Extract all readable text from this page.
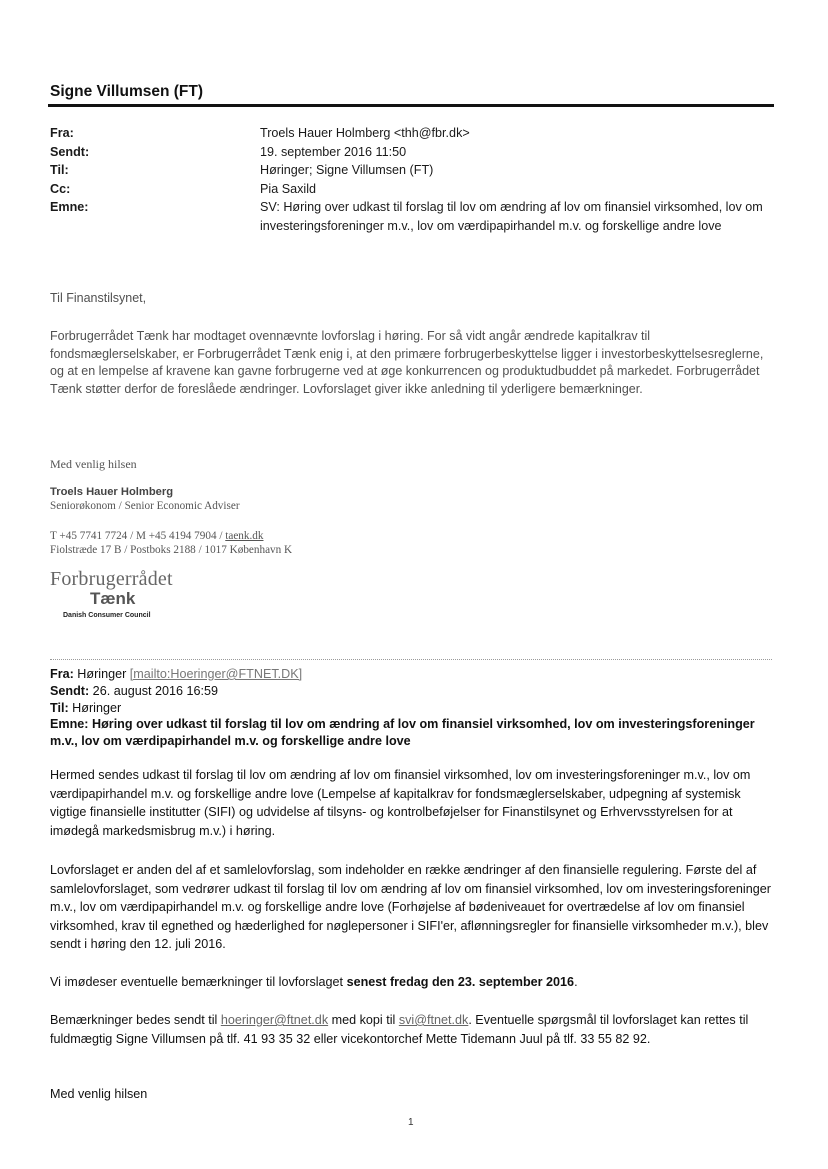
Signe Villumsen (FT)
Fra:	Troels Hauer Holmberg <thh@fbr.dk>
Sendt:	19. september 2016 11:50
Til:	Høringer; Signe Villumsen (FT)
Cc:	Pia Saxild
Emne:	SV: Høring over udkast til forslag til lov om ændring af lov om finansiel virksomhed, lov om investeringsforeninger m.v., lov om værdipapirhandel m.v. og forskellige andre love
Til Finanstilsynet,
Forbrugerrådet Tænk har modtaget ovennævnte lovforslag i høring. For så vidt angår ændrede kapitalkrav til fondsmæglerselskaber, er Forbrugerrådet Tænk enig i, at den primære forbrugerbeskyttelse ligger i investorbeskyttelsesreglerne, og at en lempelse af kravene kan gavne forbrugerne ved at øge konkurrencen og produktudbuddet på markedet. Forbrugerrådet Tænk støtter derfor de foreslåede ændringer. Lovforslaget giver ikke anledning til yderligere bemærkninger.
Med venlig hilsen
Troels Hauer Holmberg
Seniorøkonom / Senior Economic Adviser
T +45 7741 7724 / M +45 4194 7904 / taenk.dk
Fiolstræde 17 B / Postboks 2188 / 1017 København K
Forbrugerrådet
Tænk
Danish Consumer Council
Fra: Høringer [mailto:Hoeringer@FTNET.DK]
Sendt: 26. august 2016 16:59
Til: Høringer
Emne: Høring over udkast til forslag til lov om ændring af lov om finansiel virksomhed, lov om investeringsforeninger m.v., lov om værdipapirhandel m.v. og forskellige andre love
Hermed sendes udkast til forslag til lov om ændring af lov om finansiel virksomhed, lov om investeringsforeninger m.v., lov om værdipapirhandel m.v. og forskellige andre love (Lempelse af kapitalkrav for fondsmæglerselskaber, udpegning af systemisk vigtige finansielle institutter (SIFI) og udvidelse af tilsyns- og kontrolbeføjelser for Finanstilsynet og Erhvervsstyrelsen for at imødegå markedsmisbrug m.v.) i høring.
Lovforslaget er anden del af et samlelovforslag, som indeholder en række ændringer af den finansielle regulering. Første del af samlelovforslaget, som vedrører udkast til forslag til lov om ændring af lov om finansiel virksomhed, lov om investeringsforeninger m.v., lov om værdipapirhandel m.v. og forskellige andre love (Forhøjelse af bødeniveauet for overtrædelse af lov om finansiel virksomhed, krav til egnethed og hæderlighed for nøglepersoner i SIFI'er, aflønningsregler for finansielle virksomheder m.v.), blev sendt i høring den 12. juli 2016.
Vi imødeser eventuelle bemærkninger til lovforslaget senest fredag den 23. september 2016.
Bemærkninger bedes sendt til hoeringer@ftnet.dk med kopi til svi@ftnet.dk. Eventuelle spørgsmål til lovforslaget kan rettes til fuldmægtig Signe Villumsen på tlf. 41 93 35 32 eller vicekontorchef Mette Tidemann Juul på tlf. 33 55 82 92.
Med venlig hilsen
1
